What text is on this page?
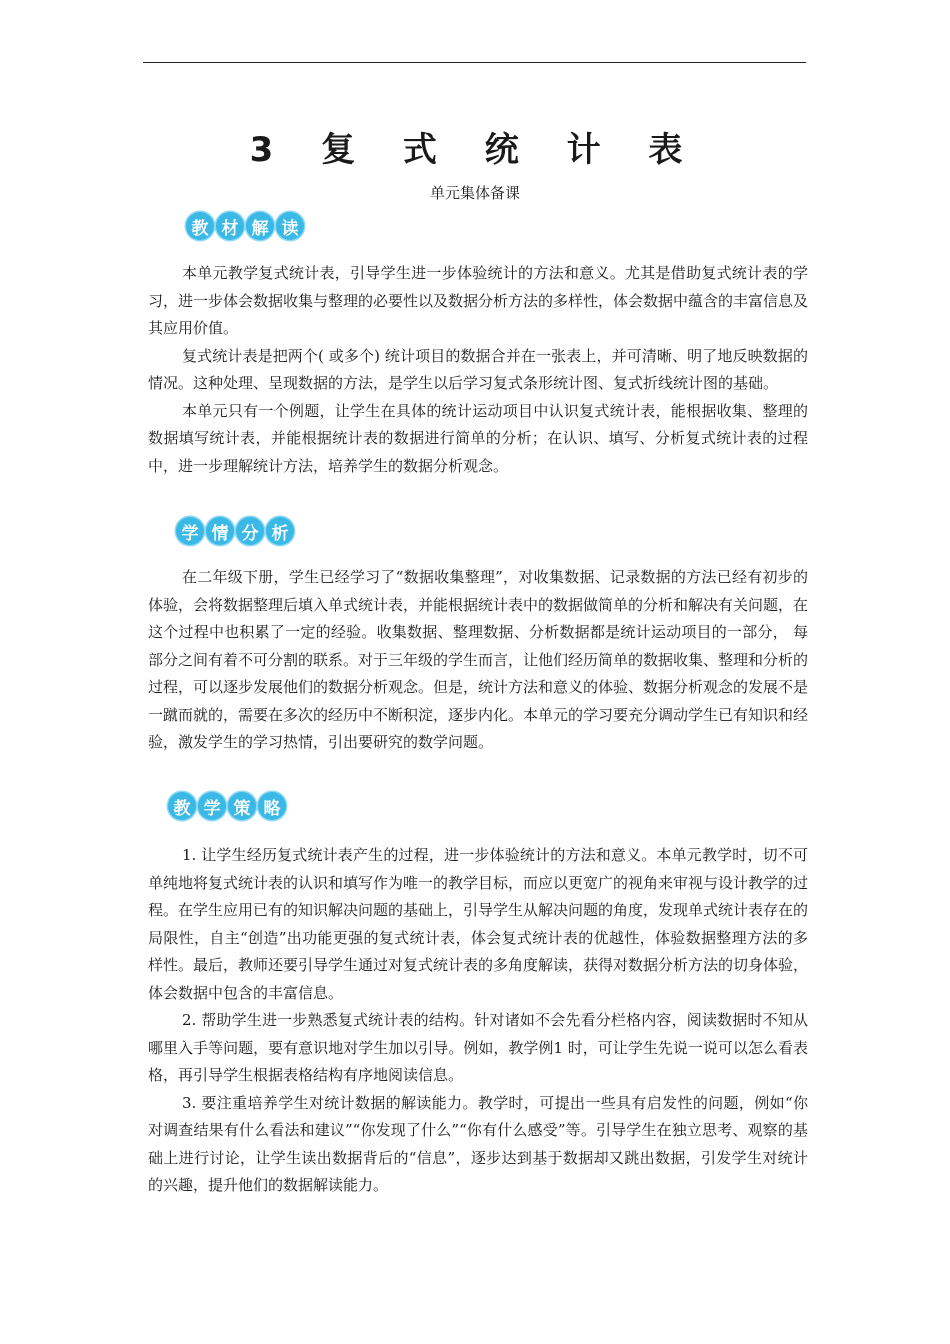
3 复 式 统 计 表
单元集体备课
教 材 解 读

本单元教学复式统计表，引导学生进一步体验统计的方法和意义。尤其是借助复式统计表的学习，进一步体会数据收集与整理的必要性以及数据分析方法的多样性，体会数据中蕴含的丰富信息及其应用价值。

复式统计表是把两个( 或多个) 统计项目的数据合并在一张表上，并可清晰、明了地反映数据的情况。这种处理、呈现数据的方法，是学生以后学习复式条形统计图、复式折线统计图的基础。

本单元只有一个例题，让学生在具体的统计运动项目中认识复式统计表，能根据收集、整理的数据填写统计表，并能根据统计表的数据进行简单的分析；在认识、填写、分析复式统计表的过程中，进一步理解统计方法，培养学生的数据分析观念。

学 情 分 析

在二年级下册，学生已经学习了“数据收集整理”，对收集数据、记录数据的方法已经有初步的体验，会将数据整理后填入单式统计表，并能根据统计表中的数据做简单的分析和解决有关问题，在这个过程中也积累了一定的经验。收集数据、整理数据、分析数据都是统计运动项目的一部分， 每部分之间有着不可分割的联系。对于三年级的学生而言，让他们经历简单的数据收集、整理和分析的过程，可以逐步发展他们的数据分析观念。但是，统计方法和意义的体验、数据分析观念的发展不是一蹴而就的，需要在多次的经历中不断积淀，逐步内化。本单元的学习要充分调动学生已有知识和经验，激发学生的学习热情，引出要研究的数学问题。

教 学 策 略

1. 让学生经历复式统计表产生的过程，进一步体验统计的方法和意义。本单元教学时，切不可单纯地将复式统计表的认识和填写作为唯一的教学目标，而应以更宽广的视角来审视与设计教学的过程。在学生应用已有的知识解决问题的基础上，引导学生从解决问题的角度，发现单式统计表存在的局限性，自主“创造”出功能更强的复式统计表，体会复式统计表的优越性，体验数据整理方法的多样性。最后，教师还要引导学生通过对复式统计表的多角度解读，获得对数据分析方法的切身体验，体会数据中包含的丰富信息。

2. 帮助学生进一步熟悉复式统计表的结构。针对诸如不会先看分栏格内容，阅读数据时不知从哪里入手等问题，要有意识地对学生加以引导。例如，教学例1 时，可让学生先说一说可以怎么看表格，再引导学生根据表格结构有序地阅读信息。

3. 要注重培养学生对统计数据的解读能力。教学时，可提出一些具有启发性的问题，例如“你对调查结果有什么看法和建议”“你发现了什么”“你有什么感受”等。引导学生在独立思考、观察的基础上进行讨论，让学生读出数据背后的“信息”，逐步达到基于数据却又跳出数据，引发学生对统计的兴趣，提升他们的数据解读能力。
